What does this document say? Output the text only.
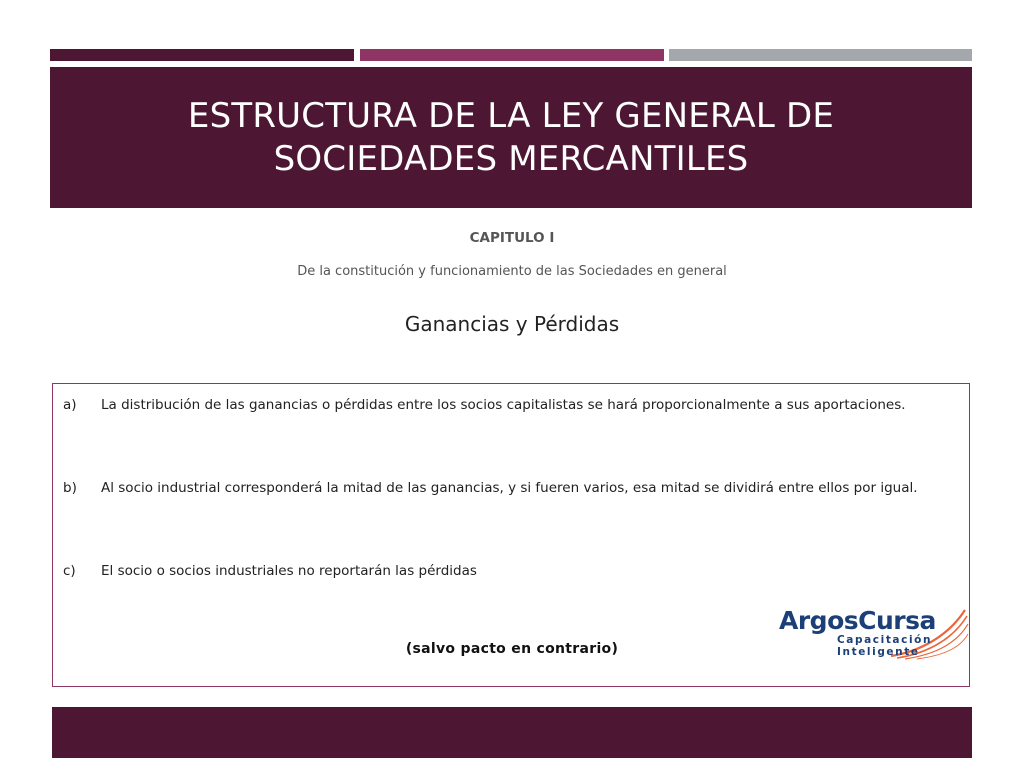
ESTRUCTURA DE LA LEY GENERAL DE SOCIEDADES MERCANTILES
CAPITULO I
De la constitución y funcionamiento de las Sociedades en general
Ganancias y Pérdidas
a)	La distribución de las ganancias o pérdidas entre los socios capitalistas se hará proporcionalmente a sus aportaciones.
b)	Al socio industrial corresponderá la mitad de las ganancias, y si fueren varios, esa mitad se dividirá entre ellos por igual.
c)	El socio o socios industriales no reportarán las pérdidas
ArgosCursa
Capacitación
Inteligente
(salvo pacto en contrario)
